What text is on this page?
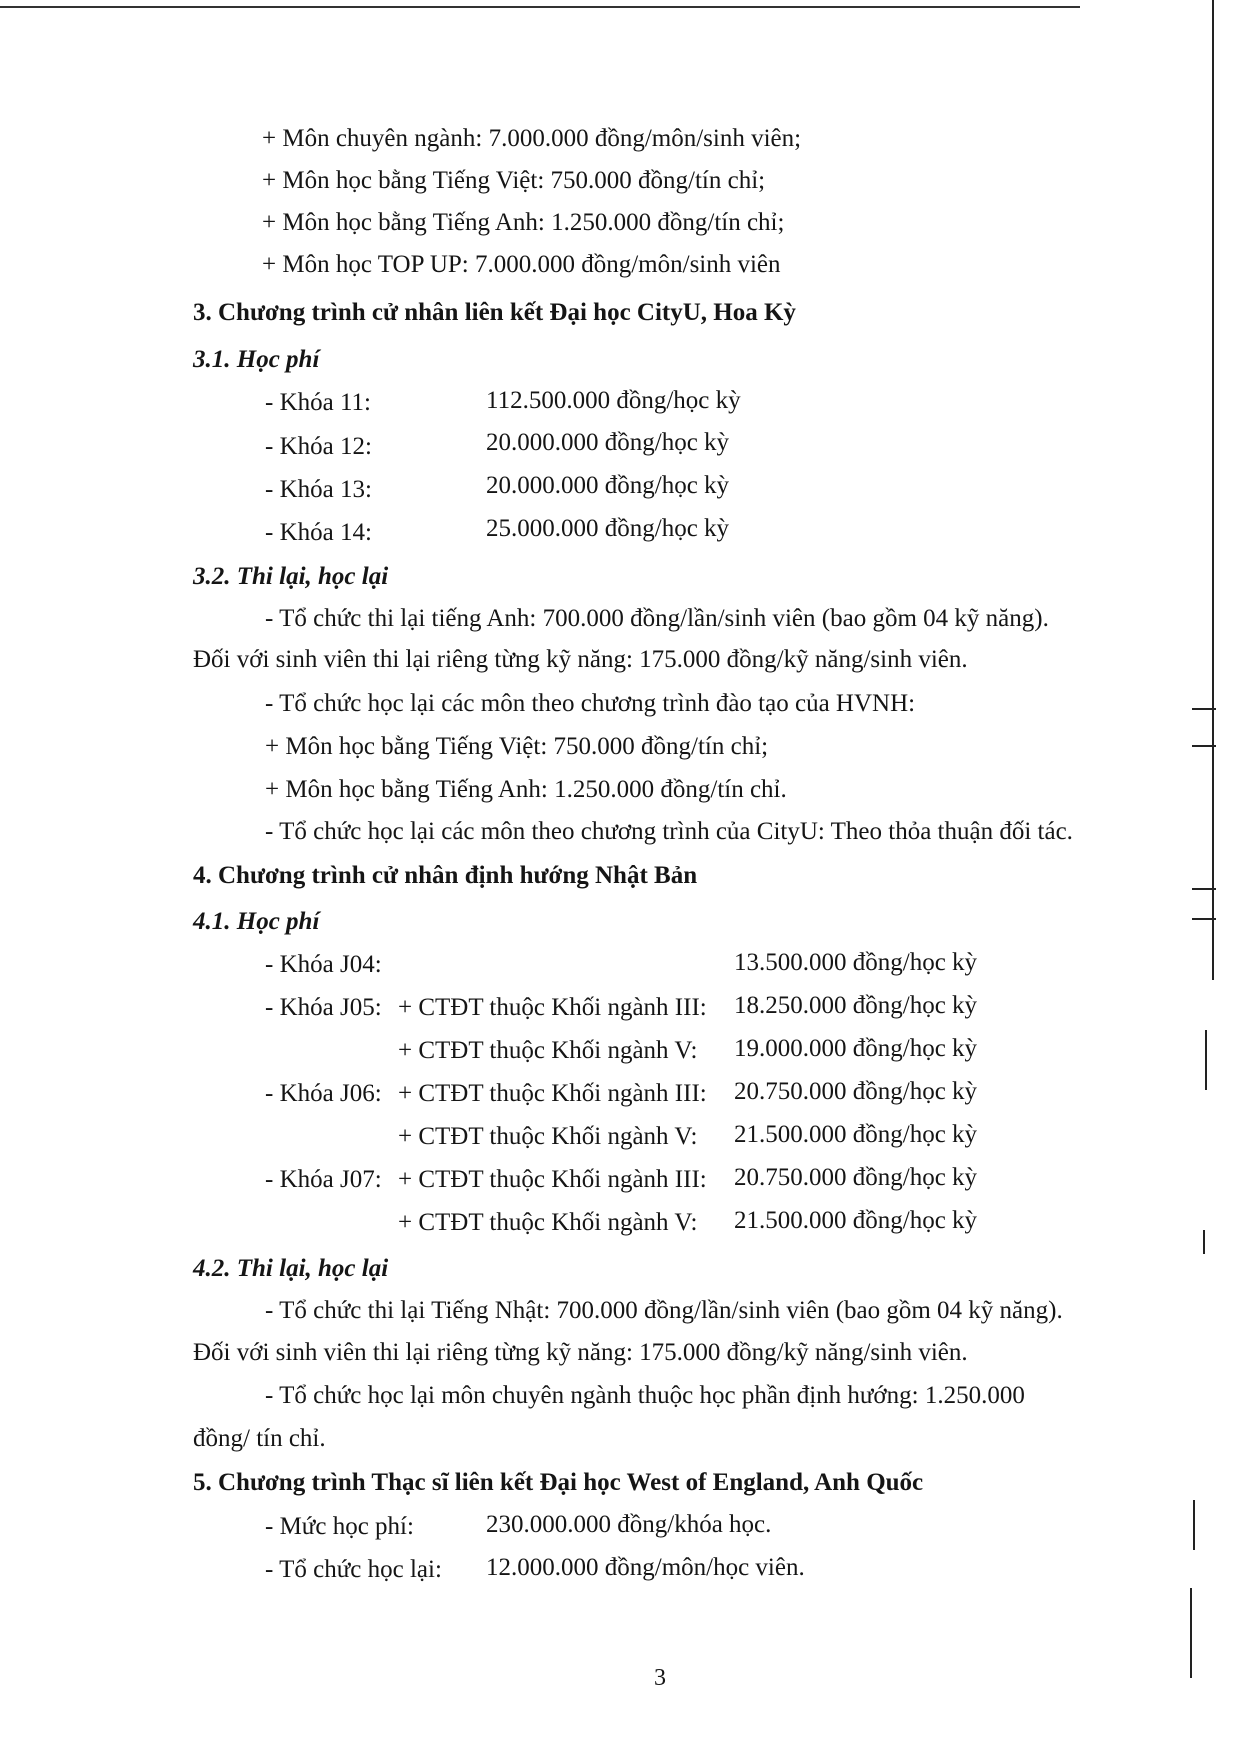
+ Môn chuyên ngành: 7.000.000 đồng/môn/sinh viên;
+ Môn học bằng Tiếng Việt: 750.000 đồng/tín chỉ;
+ Môn học bằng Tiếng Anh: 1.250.000 đồng/tín chỉ;
+ Môn học TOP UP: 7.000.000 đồng/môn/sinh viên
3. Chương trình cử nhân liên kết Đại học CityU, Hoa Kỳ
3.1. Học phí
- Khóa 11:	112.500.000 đồng/học kỳ
- Khóa 12:	20.000.000 đồng/học kỳ
- Khóa 13:	20.000.000 đồng/học kỳ
- Khóa 14:	25.000.000 đồng/học kỳ
3.2. Thi lại, học lại
- Tổ chức thi lại tiếng Anh: 700.000 đồng/lần/sinh viên (bao gồm 04 kỹ năng).
Đối với sinh viên thi lại riêng từng kỹ năng: 175.000 đồng/kỹ năng/sinh viên.
- Tổ chức học lại các môn theo chương trình đào tạo của HVNH:
+ Môn học bằng Tiếng Việt: 750.000 đồng/tín chỉ;
+ Môn học bằng Tiếng Anh: 1.250.000 đồng/tín chỉ.
- Tổ chức học lại các môn theo chương trình của CityU: Theo thỏa thuận đối tác.
4. Chương trình cử nhân định hướng Nhật Bản
4.1. Học phí
- Khóa J04:	13.500.000 đồng/học kỳ
- Khóa J05: + CTĐT thuộc Khối ngành III: 18.250.000 đồng/học kỳ
+ CTĐT thuộc Khối ngành V: 19.000.000 đồng/học kỳ
- Khóa J06: + CTĐT thuộc Khối ngành III: 20.750.000 đồng/học kỳ
+ CTĐT thuộc Khối ngành V: 21.500.000 đồng/học kỳ
- Khóa J07: + CTĐT thuộc Khối ngành III: 20.750.000 đồng/học kỳ
+ CTĐT thuộc Khối ngành V: 21.500.000 đồng/học kỳ
4.2. Thi lại, học lại
- Tổ chức thi lại Tiếng Nhật: 700.000 đồng/lần/sinh viên (bao gồm 04 kỹ năng).
Đối với sinh viên thi lại riêng từng kỹ năng: 175.000 đồng/kỹ năng/sinh viên.
- Tổ chức học lại môn chuyên ngành thuộc học phần định hướng: 1.250.000
đồng/ tín chỉ.
5. Chương trình Thạc sĩ liên kết Đại học West of England, Anh Quốc
- Mức học phí:	230.000.000 đồng/khóa học.
- Tổ chức học lại: 12.000.000 đồng/môn/học viên.
3
